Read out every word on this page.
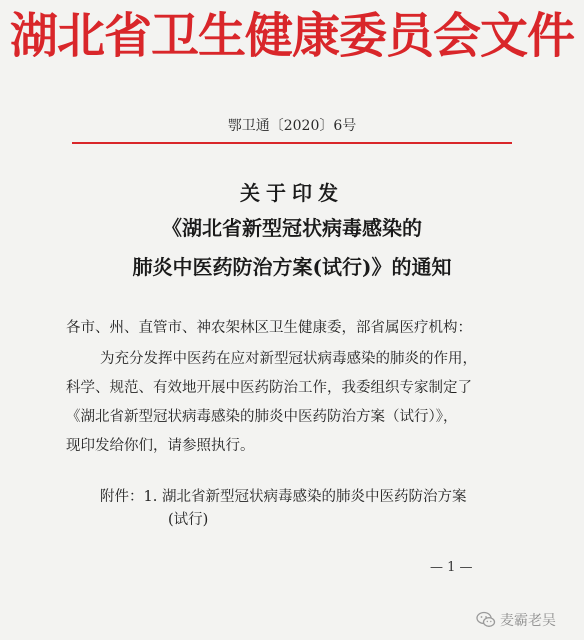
湖北省卫生健康委员会文件
鄂卫通〔2020〕6号
关于印发
《湖北省新型冠状病毒感染的
肺炎中医药防治方案(试行)》的通知
各市、州、直管市、神农架林区卫生健康委，部省属医疗机构：
为充分发挥中医药在应对新型冠状病毒感染的肺炎的作用，
科学、规范、有效地开展中医药防治工作，我委组织专家制定了
《湖北省新型冠状病毒感染的肺炎中医药防治方案（试行）》，
现印发给你们，请参照执行。
附件：1. 湖北省新型冠状病毒感染的肺炎中医药防治方案
(试行)
— 1 —
麦霸老吴
